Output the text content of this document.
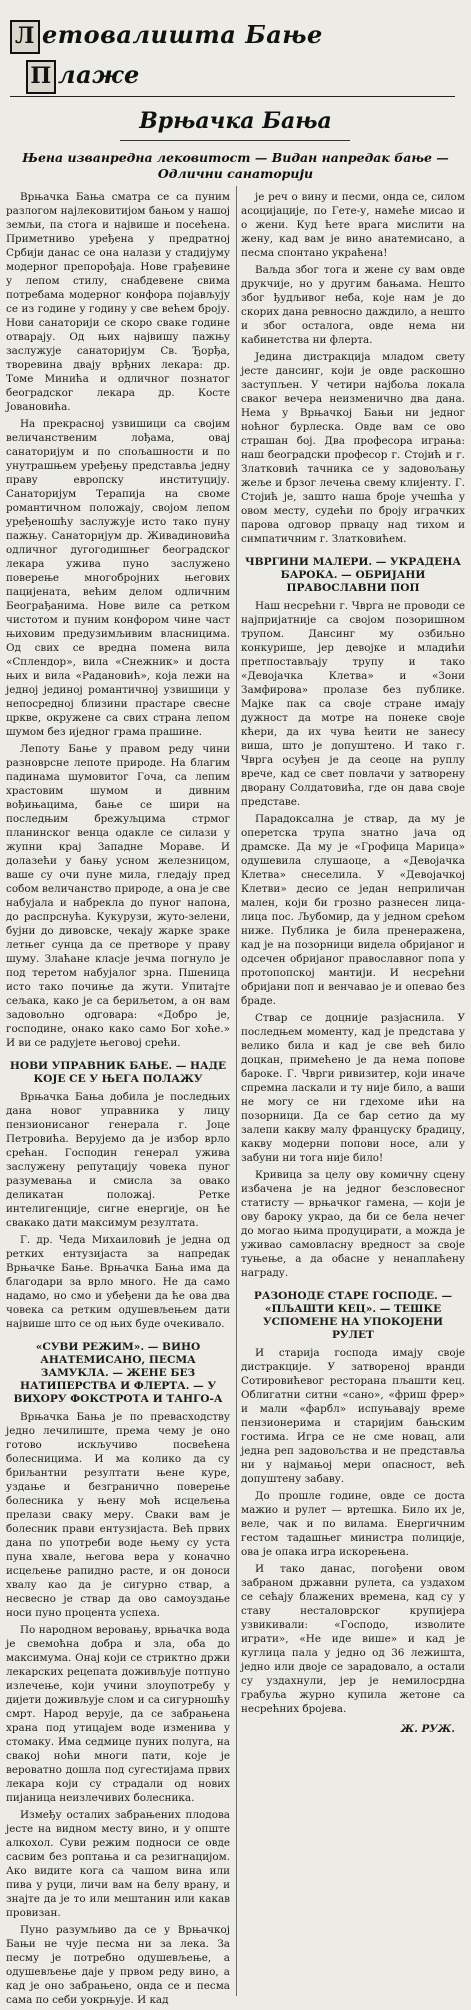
Л етовалишта Бање
П лаже
Врњачка Бања
Њена изванредна лековитост — Видан напредак бање — Одлични санаторији

Врњачка Бања сматра се са пуним разлогом најлековитијом бањом у нашој земљи, па стога и највише и посећена. Приметниво уређена у предратној Србији данас се она налази у стадијуму модерног препорођаја. Нове грађевине у лепом стилу, снабдевене свима потребама модерног конфора појављују се из године у годину у све већем броју. Нови санаторији се скоро сваке године отварају. Од њих највишу пажњу заслужује санаторијум Св. Ђорђа, творевина двају врђних лекара: др. Томе Минића и одличног познатог београдског лекара др. Косте Јовановића.

На прекрасној узвишици са својим величанственим лођама, овај санаторијум и по спољашности и по унутрашњем уређењу представља једну праву европску институцију. Санаторијум Терапија на своме романтичном положају, својом лепом уређеношћу заслужује исто тако пуну пажњу. Санаторијум др. Живадиновића одличног дугогодишњег београдског лекара ужива пуно заслужено поверење многобројних његових пацијената, већим делом одличним Београђанима. Нове виле са ретком чистотом и пуним конфором чине част њиховим предузимљивим власницима. Од свих се вредна помена вила «Сплендор», вила «Снежник» и доста њих и вила «Радановић», која лежи на једној јединој романтичној узвишици у непосредној близини прастаре свесне цркве, окружене са свих страна лепом шумом без иједног грама прашине.

Лепоту Бање у правом реду чини разноврсне лепоте природе. На благим падинама шумовитог Гоча, са лепим храстовим шумом и дивним вођињацима, бање се шири на последњим брежуљцима стрмог планинског венца одакле се силази у жупни крај Западне Мораве. И долазећи у бању усном железницом, ваше су очи пуне мила, гледају пред собом величанство природе, а она је све набујала и набрекла до пуног напона, до распрснућа. Кукурузи, жуто-зелени, бујни до дивовске, чекају жарке зраке летњег сунца да се претворе у праву шуму. Злаћане класје јечма погнуло је под теретом набујалог зрна. Пшеница исто тако почиње да жути. Упитајте сељака, како је са бериљетом, а он вам задовољно одговара: «Добро је, господине, онако како само Бог хоће.» И ви се радујете његовој срећи.

НОВИ УПРАВНИК БАЊЕ. — НАДЕ КОЈЕ СЕ У ЊЕГА ПОЛАЖУ

Врњачка Бања добила је последњих дана новог управника у лицу пензионисаног генерала г. Јоце Петровића. Верујемо да је избор врло срећан. Господин генерал ужива заслужену репутацију човека пуног разумевања и смисла за овако деликатан положај. Ретке интелигенције, сигне енергије, он ће свакако дати максимум резултата.

Г. др. Чеда Михаиловић је једна од ретких ентузијаста за напредак Врњачке Бање. Врњачка Бања има да благодари за врло много. Не да само надамо, но смо и убеђени да ће ова два човека са ретким одушевљењем дати највише што се од њих буде очекивало.

«СУВИ РЕЖИМ». — ВИНО АНАТЕМИСАНО, ПЕСМА ЗАМУКЛА. — ЖЕНЕ БЕЗ НАТИПЕРСТВА И ФЛЕРТА. — У ВИХОРУ ФОКСТРОТА И ТАНГО-А

Врњачка Бања је по превасходству једно лечилиште, према чему је оно готово искључиво посвећена болесницима. И ма колико да су бриљантни резултати њене куре, уздање и безгранично поверење болесника у њену моћ исцељења прелази сваку меру. Сваки вам је болесник прави ентузијаста. Већ првих дана по употреби воде њему су уста пуна хвале, његова вера у коначно исцељење рапидно расте, и он доноси хвалу као да је сигурно ствар, а несвесно је ствар да ово самоуздање носи пуно процента успеха.

По народном веровању, врњачка вода је свемоћна добра и зла, оба до максимума. Онај који се стриктно држи лекарских рецепата доживљује потпуно излечење, који учини злоупотребу у дијети доживљује слом и са сигурношћу смрт. Народ верује, да се забрањена храна под утицајем воде изменива у стомаку. Има седмице пуних полуга, на свакој ноћи многи пати, које је вероватно дошла под сугестијама првих лекара који су страдали од нових пијаница неизлечивих болесника.

Између осталих забрањених плодова јесте на видном месту вино, и у опште алкохол. Суви режим подноси се овде сасвим без роптања и са резигнацијом. Ако видите кога са чашом вина или пива у руци, личи вам на белу врану, и знајте да је то или мештанин или какав провизан.

Пуно разумљиво да се у Врњачкој Бањи не чује песма ни за лека. За песму је потребно одушевљење, а одушевљење даје у првом реду вино, а кад је оно забрањено, онда се и песма сама по себи уокрњује. И кад

је реч о вину и песми, онда се, силом асоцијације, по Гете-у, намеће мисао и о жени. Куд ћете врага мислити на жену, кад вам је вино анатемисано, а песма спонтано украћена!

Ваљда због тога и жене су вам овде друкчије, но у другим бањама. Нешто због ђудљивог неба, које нам је до скорих дана ревносно даждило, а нешто и због осталога, овде нема ни кабинетства ни флерта.

Једина дистракција младом свету јесте дансинг, који је овде раскошно заступљен. У четири најбоља локала сваког вечера неизменично два дана. Нема у Врњачкој Бањи ни једног ноћног бурлеска. Овде вам се ово страшан бој. Два професора играња: наш београдски професор г. Стојић и г. Златковић тачника се у задовољању жеље и брзог лечења свему клијенту. Г. Стојић је, зашто наша броје учешћа у овом месту, судећи по броју играчких парова одговор првацу над тихом и симпатичним г. Златковићем.

ЧВРГИНИ МАЛЕРИ. — УКРАДЕНА БАРОКА. — ОБРИЈАНИ ПРАВОСЛАВНИ ПОП

Наш несрећни г. Чврга не проводи се најпријатније са својом позоришном трупом. Дансинг му озбиљно конкурише, јер девојке и младићи претпостављају трупу и тако «Девојачка Клетва» и «Зони Замфирова» пролазе без публике. Мајке пак са своје стране имају дужност да мотре на понеке своје кћери, да их чува ћеити не занесу виша, што је допуштено. И тако г. Чврга осуђен је да сеоце на руплу врече, кад се свет повлачи у затворену дворану Солдатовића, где он дава своје представе.

Парадоксална је ствар, да му је оперетска трупа знатно јача од драмске. Да му је «Грофица Марица» одушевила слушаоце, а «Девојачка Клетва» снеселила. У «Девојачкој Клетви» десио се један неприличан мален, који би грозно разнесен лица-лица пос. Љубомир, да у једном срећом ниже. Публика је била пренеражена, кад је на позорници видела обријаног и одсечен обријаног православног попа у протопопској мантији. И несрећни обријани поп и венчавао је и опевао без браде.

Ствар се доцније разјаснила. У последњем моменту, кад је представа у велико била и кад је све већ било доцкан, примећено је да нема попове бароке. Г. Чврги ривизитер, који иначе спремна ласкали и ту није било, а ваши не могу се ни гдехоме ићи на позорници. Да се бар сетио да му залепи какву малу француску брадицу, какву модерни попови носе, али у забуни ни тога није било!

Кривица за целу ову комичну сцену избачена је на једног безсловесног статисту — врњачког гамена, — који је ову бароку украо, да би се бела нечег до могао њима продуцирати, а можда је уживао самовласну вредност за своје туњење, а да обасне у ненаплаћену награду.

РАЗОНОДЕ СТАРЕ ГОСПОДЕ. — «ПЉАШТИ КЕЦ». — ТЕШКЕ УСПОМЕНЕ НА УПОКОЈЕНИ РУЛЕТ

И старија господа имају своје дистракције. У затвореној вранди Сотировићевог ресторана пљашти кец. Облигатни ситни «сано», «фриш фрер» и мали «фарбл» испуњавају време пензионерима и старијим бањским гостима. Игра се не сме новац, али једна реп задовољства и не представља ни у најмањој мери опасност, већ допуштену забаву.

До прошле године, овде се доста мажио и рулет — вртешка. Било их је, веле, чак и по вилама. Енергичним гестом тадашњег министра полиције, ова је опака игра искорењена.

И тако данас, погођени овом забраном државни рулета, са уздахом се сећају блажених времена, кад су у ставу несталоврског крупијера узвикивали: «Господо, изволите играти», «Не иде више» и кад је куглица пала у једно од 36 лежишта, једно или двоје се зарадовало, а остали су уздахнули, јер је немилосрдна грабуља журно купила жетоне са несрећних бројева.

Ж. РУЖ.
